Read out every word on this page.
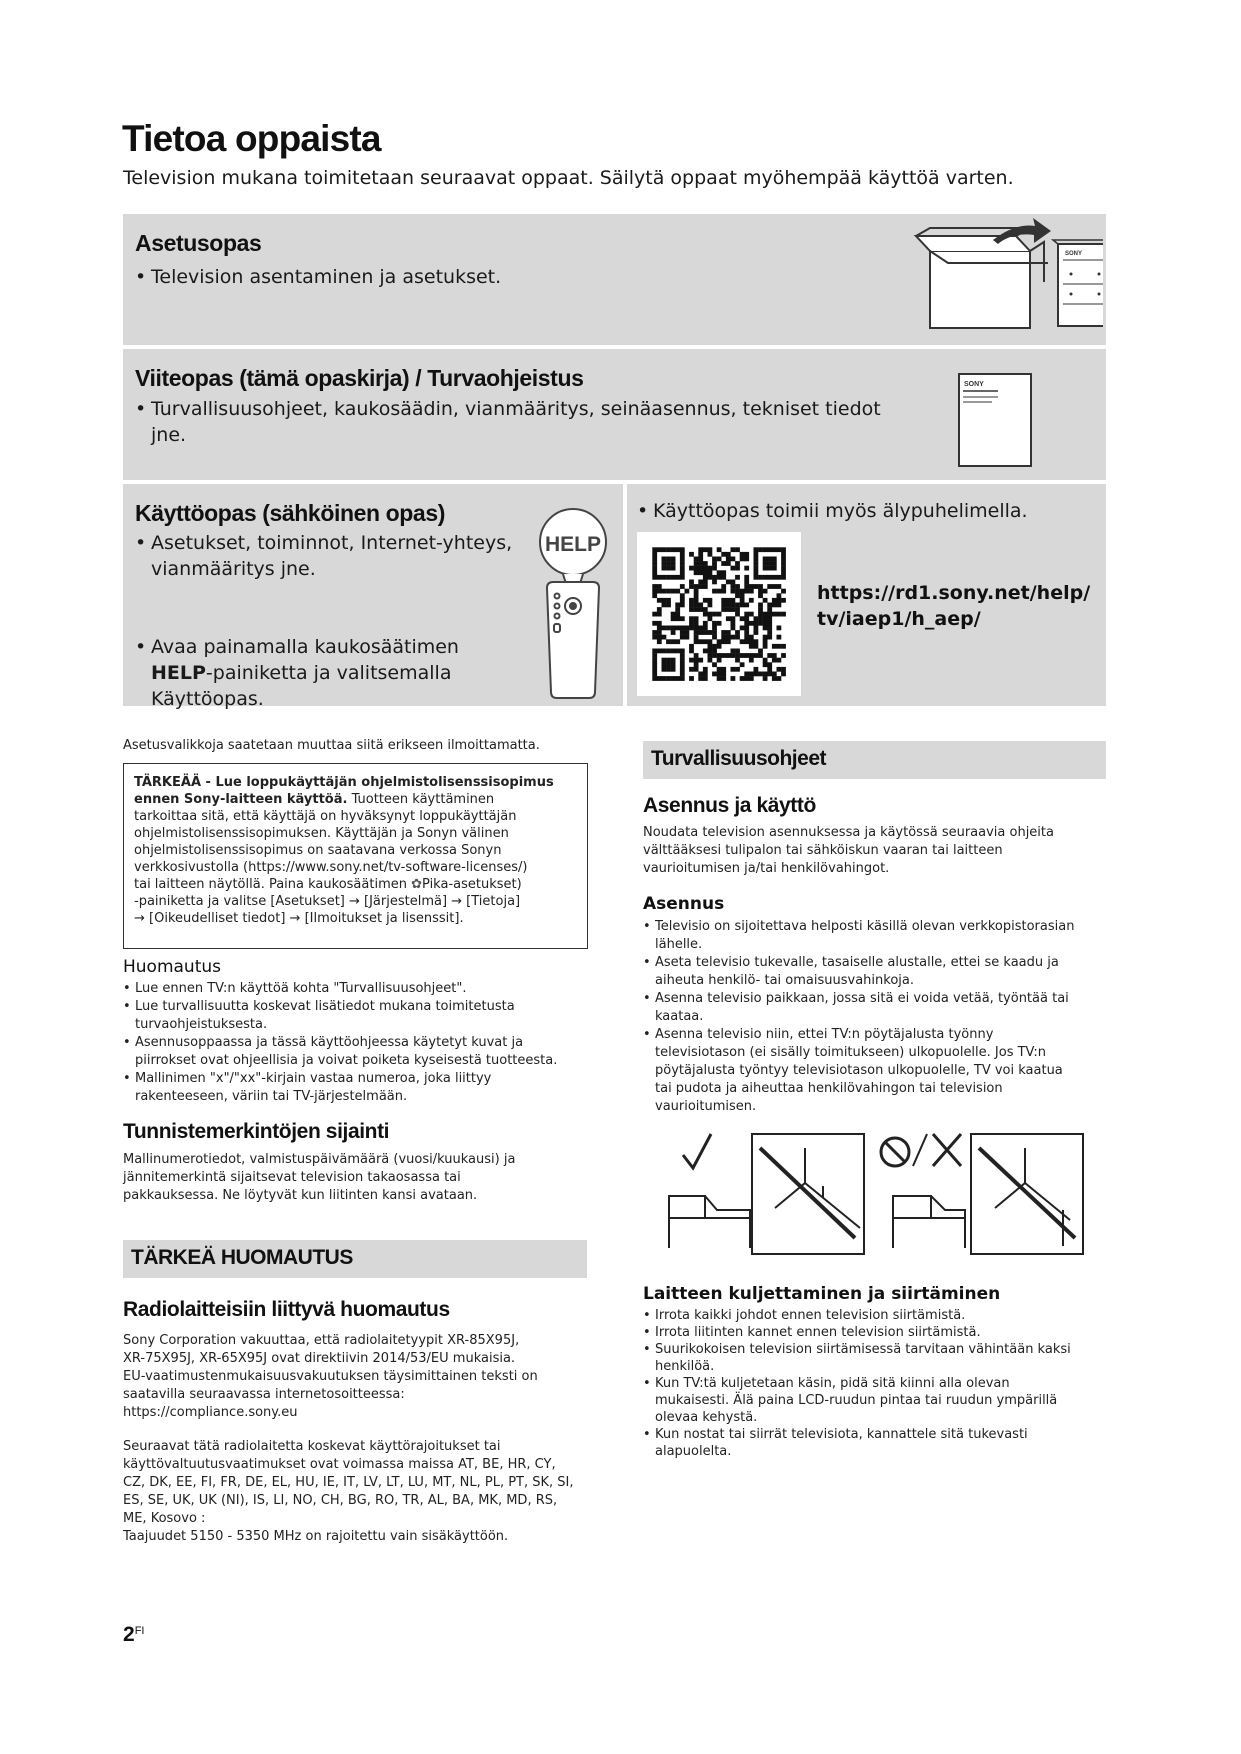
Tietoa oppaista
Television mukana toimitetaan seuraavat oppaat. Säilytä oppaat myöhempää käyttöä varten.
Asetusopas
• Television asentaminen ja asetukset.
SONY
Viiteopas (tämä opaskirja) / Turvaohjeistus
• Turvallisuusohjeet, kaukosäädin, vianmääritys, seinäasennus, tekniset tiedot
jne.
SONY
Käyttöopas (sähköinen opas)
• Asetukset, toiminnot, Internet-yhteys,
vianmääritys jne.
• Avaa painamalla kaukosäätimen
HELP-painiketta ja valitsemalla
Käyttöopas.
HELP
• Käyttöopas toimii myös älypuhelimella.
https://rd1.sony.net/help/
tv/iaep1/h_aep/
Asetusvalikkoja saatetaan muuttaa siitä erikseen ilmoittamatta.
TÄRKEÄÄ - Lue loppukäyttäjän ohjelmistolisenssisopimus
ennen Sony-laitteen käyttöä. Tuotteen käyttäminen
tarkoittaa sitä, että käyttäjä on hyväksynyt loppukäyttäjän
ohjelmistolisenssisopimuksen. Käyttäjän ja Sonyn välinen
ohjelmistolisenssisopimus on saatavana verkossa Sonyn
verkkosivustolla (https://www.sony.net/tv-software-licenses/)
tai laitteen näytöllä. Paina kaukosäätimen ✿Pika-asetukset)
-painiketta ja valitse [Asetukset] → [Järjestelmä] → [Tietoja]
→ [Oikeudelliset tiedot] → [Ilmoitukset ja lisenssit].
Huomautus
• Lue ennen TV:n käyttöä kohta "Turvallisuusohjeet".
• Lue turvallisuutta koskevat lisätiedot mukana toimitetusta
turvaohjeistuksesta.
• Asennusoppaassa ja tässä käyttöohjeessa käytetyt kuvat ja
piirrokset ovat ohjeellisia ja voivat poiketa kyseisestä tuotteesta.
• Mallinimen "x"/"xx"-kirjain vastaa numeroa, joka liittyy
rakenteeseen, väriin tai TV-järjestelmään.
Tunnistemerkintöjen sijainti
Mallinumerotiedot, valmistuspäivämäärä (vuosi/kuukausi) ja
jännitemerkintä sijaitsevat television takaosassa tai
pakkauksessa. Ne löytyvät kun liitinten kansi avataan.
TÄRKEÄ HUOMAUTUS
Radiolaitteisiin liittyvä huomautus
Sony Corporation vakuuttaa, että radiolaitetyypit XR-85X95J,
XR-75X95J, XR-65X95J ovat direktiivin 2014/53/EU mukaisia.
EU-vaatimustenmukaisuusvakuutuksen täysimittainen teksti on
saatavilla seuraavassa internetosoitteessa:
https://compliance.sony.eu
Seuraavat tätä radiolaitetta koskevat käyttörajoitukset tai
käyttövaltuutusvaatimukset ovat voimassa maissa AT, BE, HR, CY,
CZ, DK, EE, FI, FR, DE, EL, HU, IE, IT, LV, LT, LU, MT, NL, PL, PT, SK, SI,
ES, SE, UK, UK (NI), IS, LI, NO, CH, BG, RO, TR, AL, BA, MK, MD, RS,
ME, Kosovo :
Taajuudet 5150 - 5350 MHz on rajoitettu vain sisäkäyttöön.
Turvallisuusohjeet
Asennus ja käyttö
Noudata television asennuksessa ja käytössä seuraavia ohjeita
välttääksesi tulipalon tai sähköiskun vaaran tai laitteen
vaurioitumisen ja/tai henkilövahingot.
Asennus
• Televisio on sijoitettava helposti käsillä olevan verkkopistorasian
lähelle.
• Aseta televisio tukevalle, tasaiselle alustalle, ettei se kaadu ja
aiheuta henkilö- tai omaisuusvahinkoja.
• Asenna televisio paikkaan, jossa sitä ei voida vetää, työntää tai
kaataa.
• Asenna televisio niin, ettei TV:n pöytäjalusta työnny
televisiotason (ei sisälly toimitukseen) ulkopuolelle. Jos TV:n
pöytäjalusta työntyy televisiotason ulkopuolelle, TV voi kaatua
tai pudota ja aiheuttaa henkilövahingon tai television
vaurioitumisen.
Laitteen kuljettaminen ja siirtäminen
• Irrota kaikki johdot ennen television siirtämistä.
• Irrota liitinten kannet ennen television siirtämistä.
• Suurikokoisen television siirtämisessä tarvitaan vähintään kaksi
henkilöä.
• Kun TV:tä kuljetetaan käsin, pidä sitä kiinni alla olevan
mukaisesti. Älä paina LCD-ruudun pintaa tai ruudun ympärillä
olevaa kehystä.
• Kun nostat tai siirrät televisiota, kannattele sitä tukevasti
alapuolelta.
$2^{FI}$
